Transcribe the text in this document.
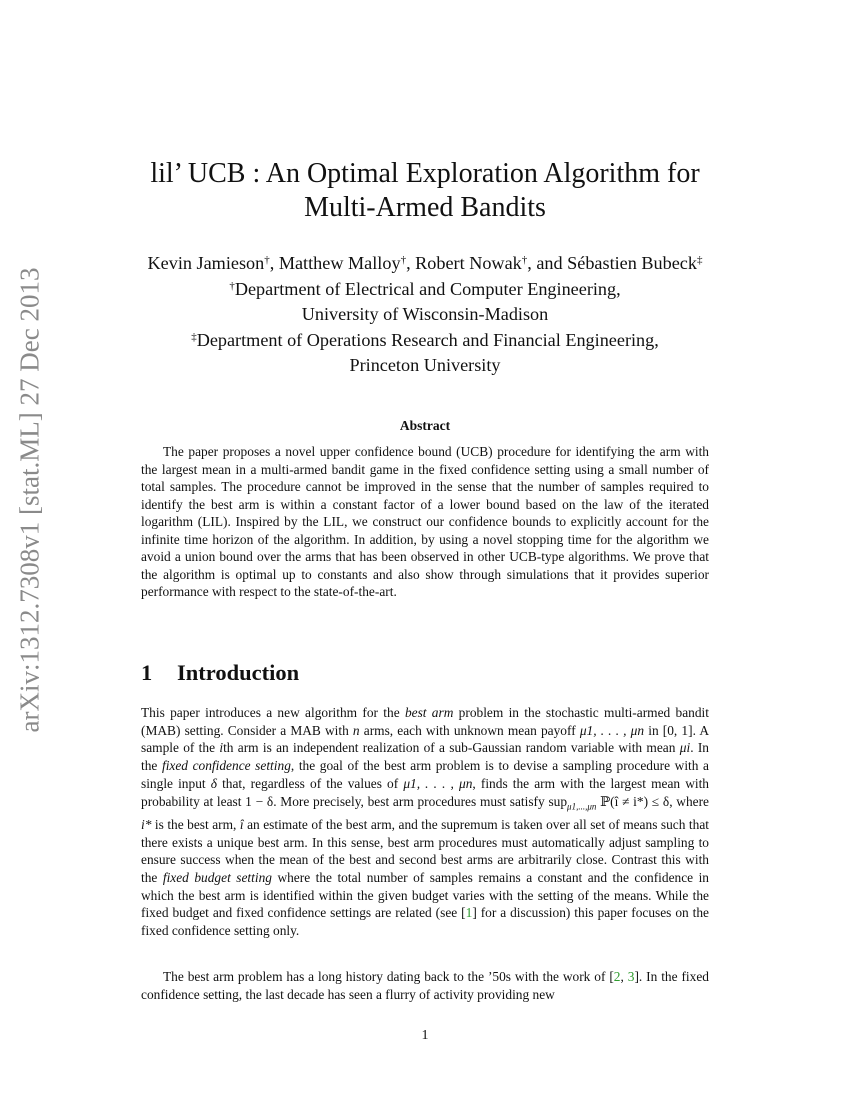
arXiv:1312.7308v1 [stat.ML] 27 Dec 2013
lil’ UCB : An Optimal Exploration Algorithm for
Multi-Armed Bandits
Kevin Jamieson†, Matthew Malloy†, Robert Nowak†, and Sébastien Bubeck‡
†Department of Electrical and Computer Engineering,
University of Wisconsin-Madison
‡Department of Operations Research and Financial Engineering,
Princeton University
Abstract

The paper proposes a novel upper confidence bound (UCB) procedure for identifying the arm with the largest mean in a multi-armed bandit game in the fixed confidence setting using a small number of total samples. The procedure cannot be improved in the sense that the number of samples required to identify the best arm is within a constant factor of a lower bound based on the law of the iterated logarithm (LIL). Inspired by the LIL, we construct our confidence bounds to explicitly account for the infinite time horizon of the algorithm. In addition, by using a novel stopping time for the algorithm we avoid a union bound over the arms that has been observed in other UCB-type algorithms. We prove that the algorithm is optimal up to constants and also show through simulations that it provides superior performance with respect to the state-of-the-art.

1 Introduction

This paper introduces a new algorithm for the best arm problem in the stochastic multi-armed bandit (MAB) setting. Consider a MAB with n arms, each with unknown mean payoff μ1, . . . , μn in [0, 1]. A sample of the ith arm is an independent realization of a sub-Gaussian random variable with mean μi. In the fixed confidence setting, the goal of the best arm problem is to devise a sampling procedure with a single input δ that, regardless of the values of μ1, . . . , μn, finds the arm with the largest mean with probability at least 1 − δ. More precisely, best arm procedures must satisfy sup$_{\mu 1,...,\mu n}$ ℙ(î ≠ i*) ≤ δ, where i* is the best arm, î an estimate of the best arm, and the supremum is taken over all set of means such that there exists a unique best arm. In this sense, best arm procedures must automatically adjust sampling to ensure success when the mean of the best and second best arms are arbitrarily close. Contrast this with the fixed budget setting where the total number of samples remains a constant and the confidence in which the best arm is identified within the given budget varies with the setting of the means. While the fixed budget and fixed confidence settings are related (see [1] for a discussion) this paper focuses on the fixed confidence setting only.

The best arm problem has a long history dating back to the ’50s with the work of [2, 3]. In the fixed confidence setting, the last decade has seen a flurry of activity providing new

1
